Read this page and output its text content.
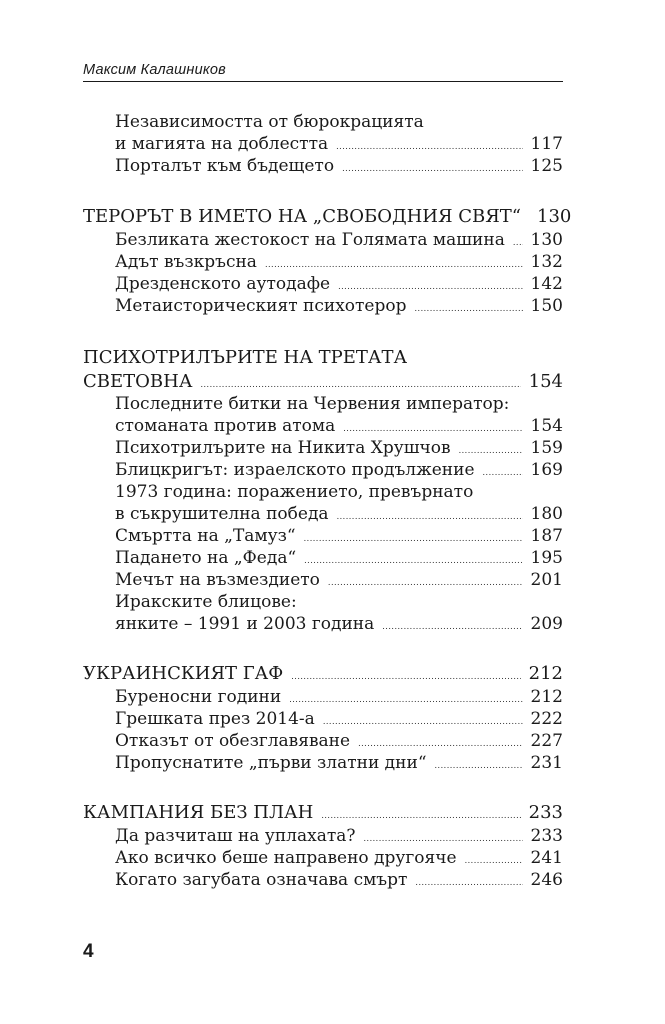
Максим Калашников
Независимостта от бюрокрацията
и магията на доблестта .....	117
Порталът към бъдещето .....	125
ТЕРОРЪТ В ИМЕТО НА „СВОБОДНИЯ СВЯТ“ 130
Безликата жестокост на Голямата машина ..... 130
Адът възкръсна .....	132
Дрезденското аутодафе .....	142
Метаисторическият психотерор .....	150
ПСИХОТРИЛЪРИТЕ НА ТРЕТАТА
СВЕТОВНА .....	154
Последните битки на Червения император:
стоманата против атома .....	154
Психотрилърите на Никита Хрушчов .....	159
Блицкригът: израелското продължение .....	169
1973 година: поражението, превърнато
в съкрушителна победа .....	180
Смъртта на „Тамуз“ .....	187
Падането на „Феда“ .....	195
Мечът на възмездието .....	201
Иракските блицове:
янките – 1991 и 2003 година .....	209
УКРАИНСКИЯТ ГАФ .....	212
Буреносни години .....	212
Грешката през 2014-а .....	222
Отказът от обезглавяване .....	227
Пропуснатите „първи златни дни“ .....	231
КАМПАНИЯ БЕЗ ПЛАН .....	233
Да разчиташ на уплахата? .....	233
Ако всичко беше направено другояче .....	241
Когато загубата означава смърт .....	246
4
